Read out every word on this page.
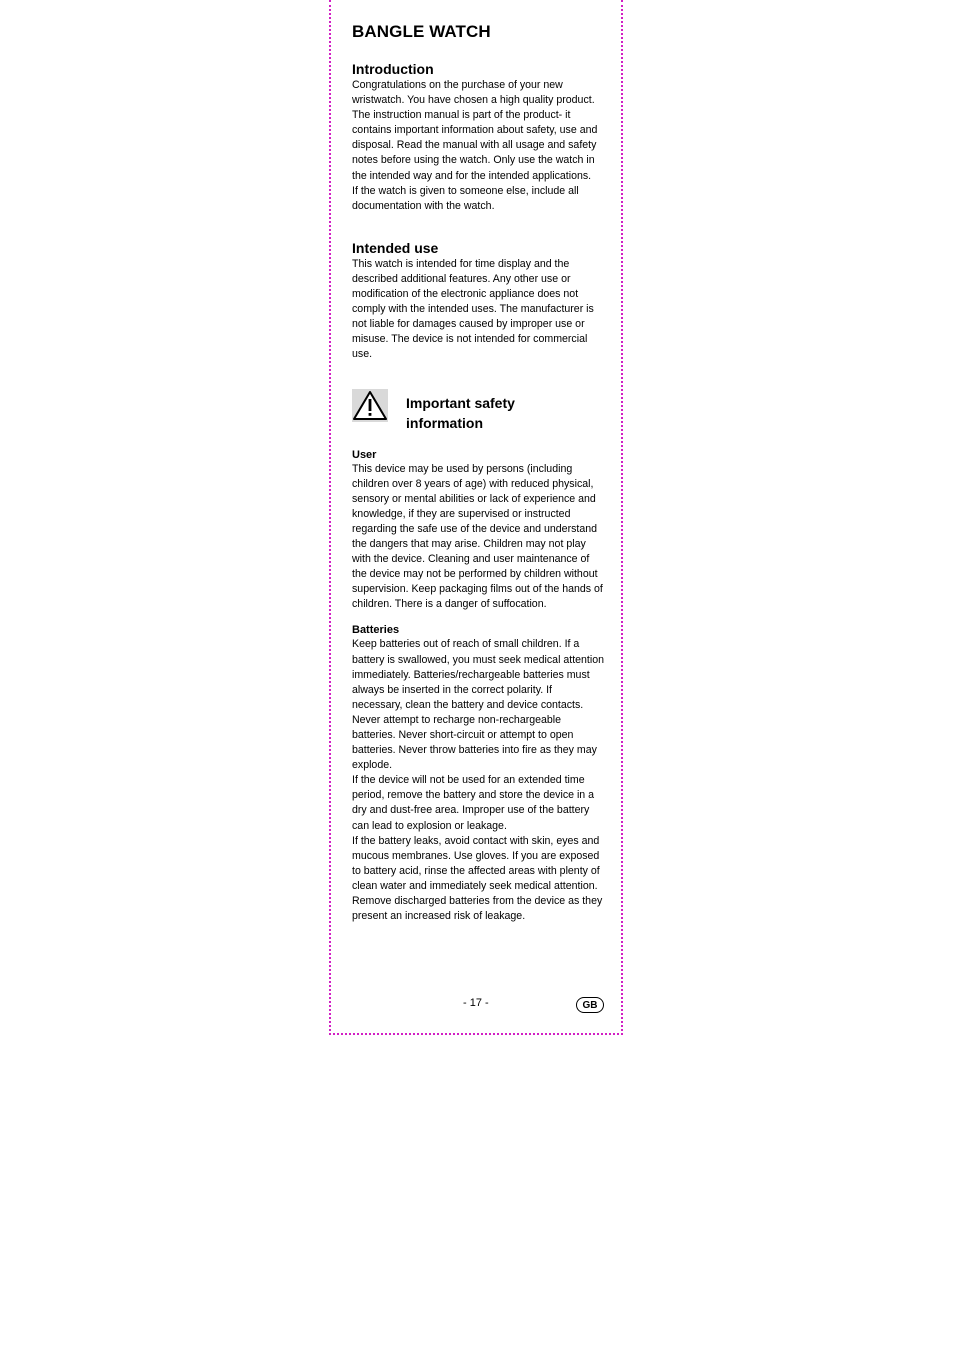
BANGLE WATCH
Introduction

Congratulations on the purchase of your new wristwatch. You have chosen a high quality product. The instruction manual is part of the product- it contains important information about safety, use and disposal. Read the manual with all usage and safety notes before using the watch. Only use the watch in the intended way and for the intended applications.

If the watch is given to someone else, include all documentation with the watch.

Intended use

This watch is intended for time display and the described additional features. Any other use or modification of the electronic appliance does not comply with the intended uses. The manufacturer is not liable for damages caused by improper use or misuse. The device is not intended for commercial use.

Important safety
information
User

This device may be used by persons (including children over 8 years of age) with reduced physical, sensory or mental abilities or lack of experience and knowledge, if they are supervised or instructed regarding the safe use of the device and understand the dangers that may arise. Children may not play with the device. Cleaning and user maintenance of the device may not be performed by children without supervision. Keep packaging films out of the hands of children. There is a danger of suffocation.

Batteries

Keep batteries out of reach of small children. If a battery is swallowed, you must seek medical attention immediately. Batteries/rechargeable batteries must always be inserted in the correct polarity. If necessary, clean the battery and device contacts. Never attempt to recharge non-rechargeable batteries. Never short-circuit or attempt to open batteries. Never throw batteries into fire as they may explode.

If the device will not be used for an extended time period, remove the battery and store the device in a dry and dust-free area. Improper use of the battery can lead to explosion or leakage.

If the battery leaks, avoid contact with skin, eyes and mucous membranes. Use gloves. If you are exposed to battery acid, rinse the affected areas with plenty of clean water and immediately seek medical attention. Remove discharged batteries from the device as they present an increased risk of leakage.

- 17 -	GB
